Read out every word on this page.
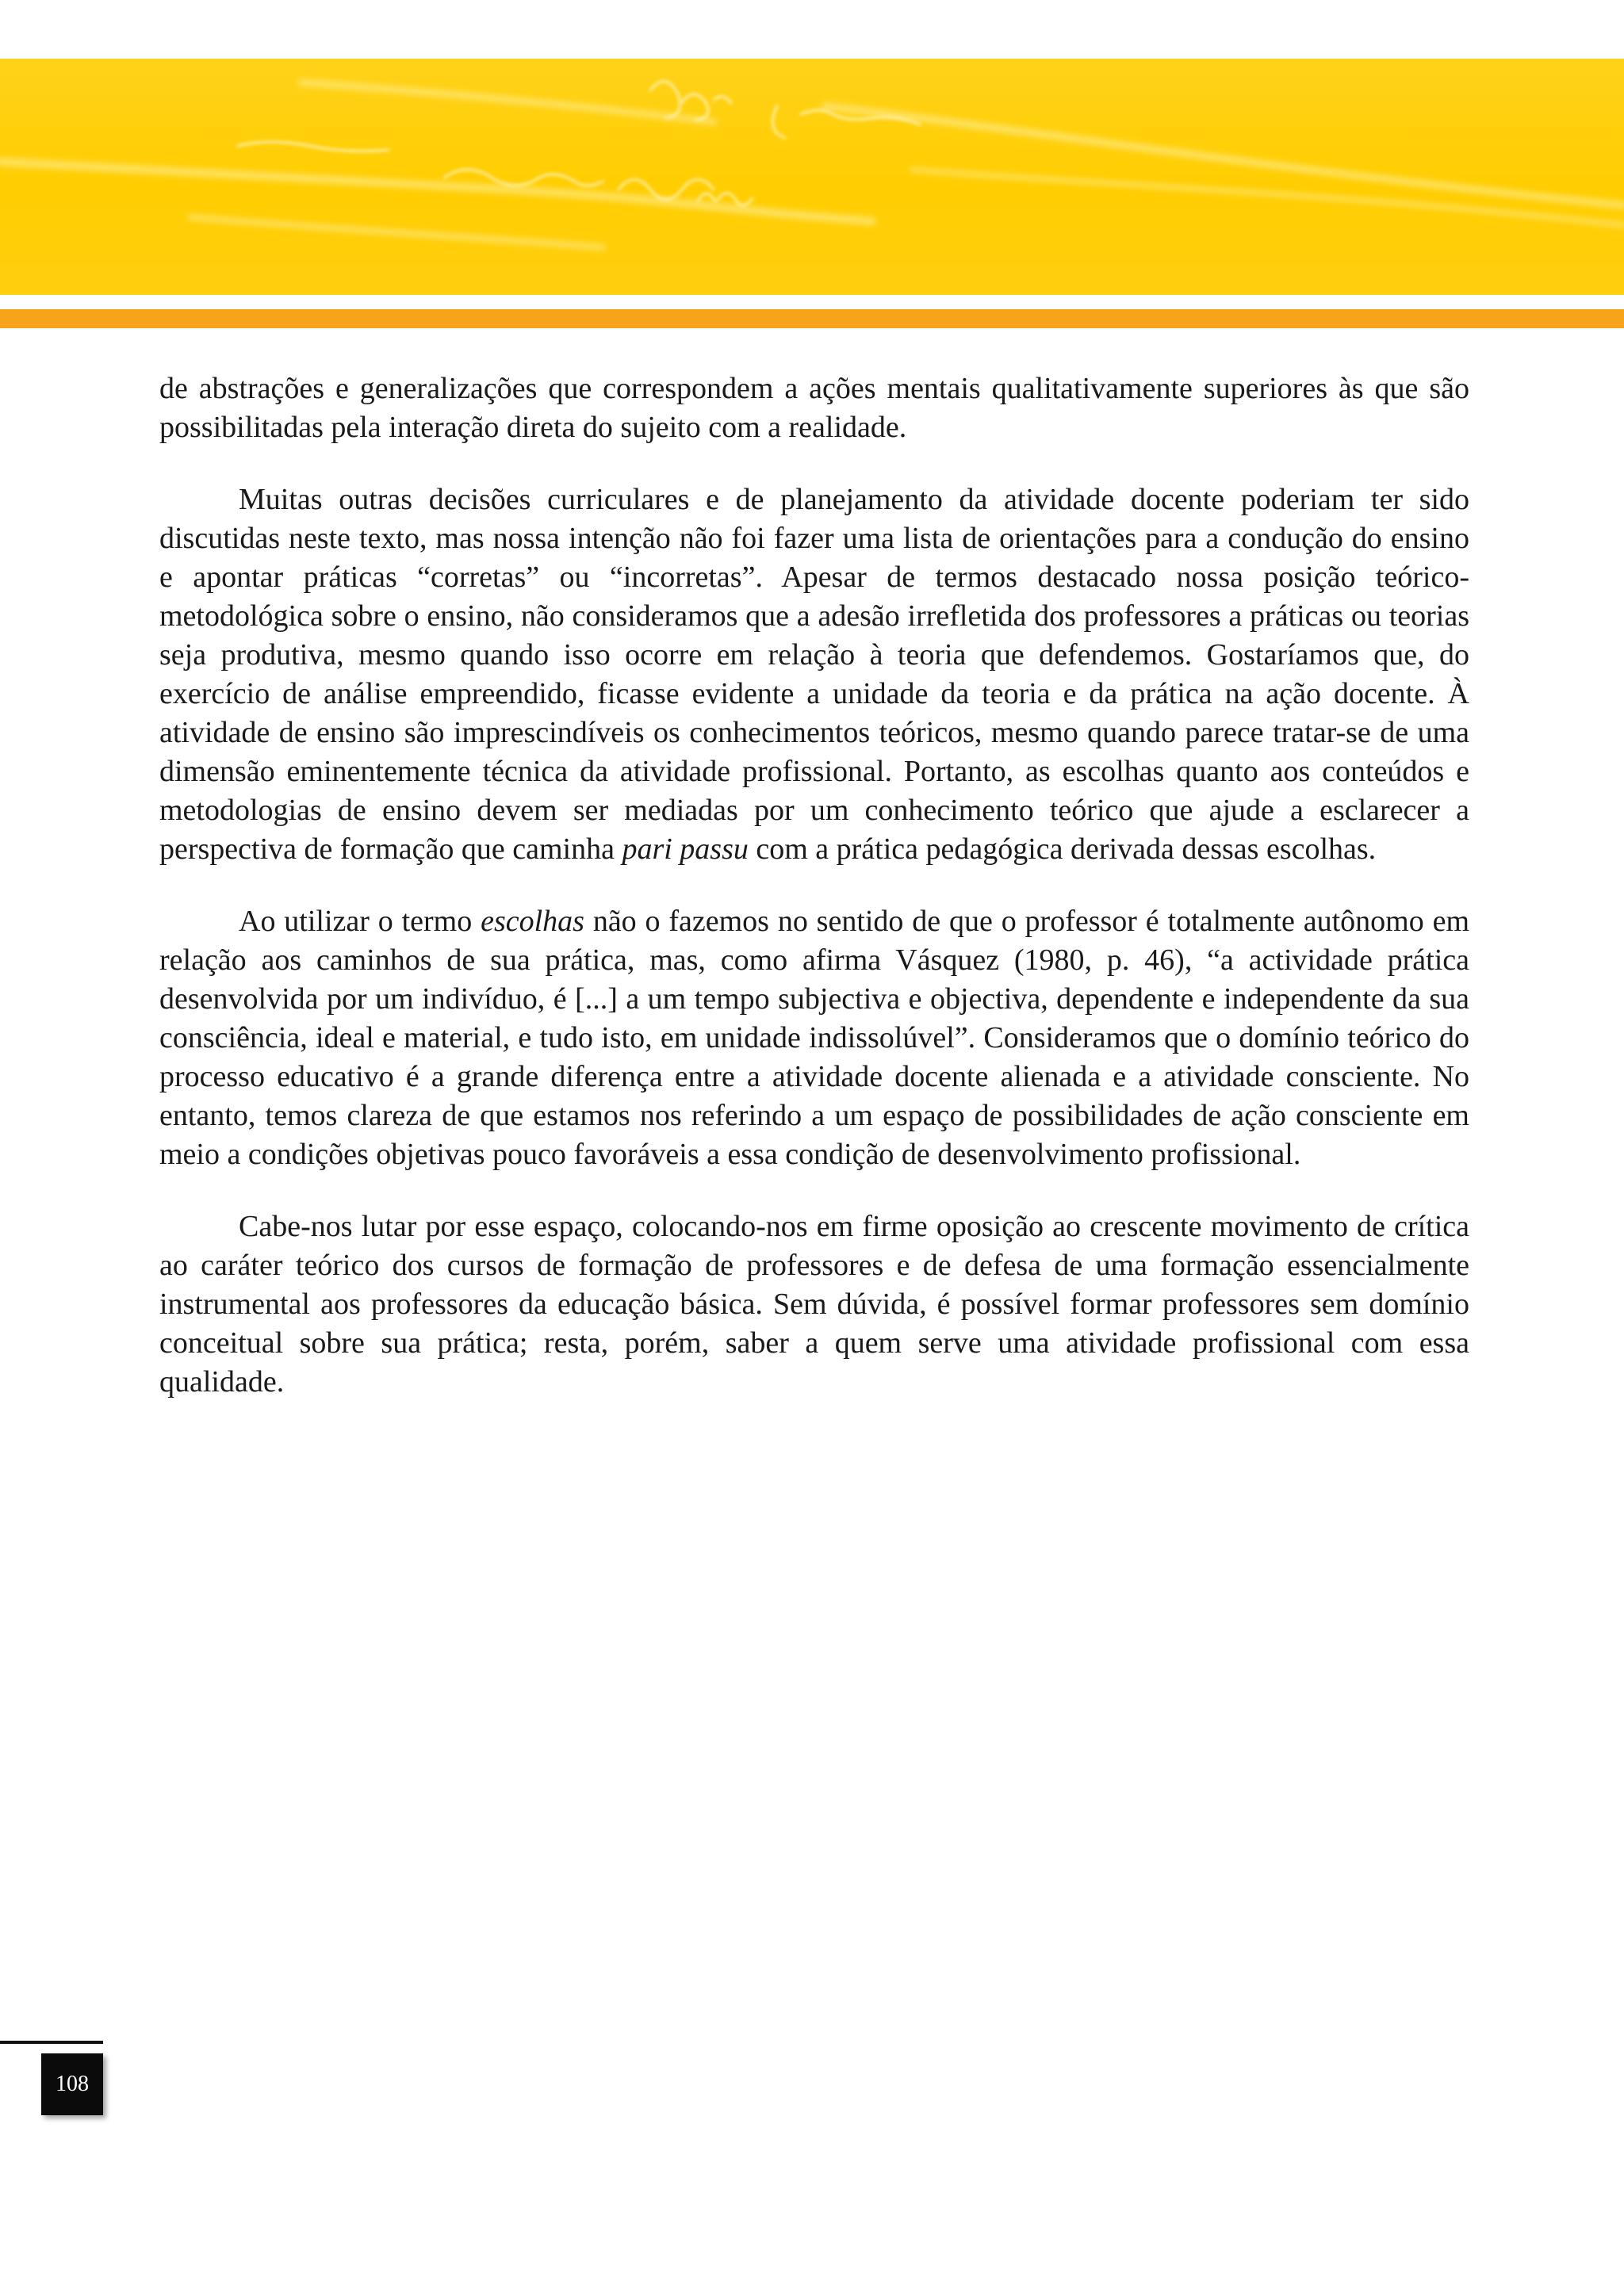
de abstrações e generalizações que correspondem a ações mentais qualitativamente superiores às que são possibilitadas pela interação direta do sujeito com a realidade.

Muitas outras decisões curriculares e de planejamento da atividade docente poderiam ter sido discutidas neste texto, mas nossa intenção não foi fazer uma lista de orientações para a condução do ensino e apontar práticas “corretas” ou “incorretas”. Apesar de termos destacado nossa posição teórico-metodológica sobre o ensino, não consideramos que a adesão irrefletida dos professores a práticas ou teorias seja produtiva, mesmo quando isso ocorre em relação à teoria que defendemos. Gostaríamos que, do exercício de análise empreendido, ficasse evidente a unidade da teoria e da prática na ação docente. À atividade de ensino são imprescindíveis os conhecimentos teóricos, mesmo quando parece tratar-se de uma dimensão eminentemente técnica da atividade profissional. Portanto, as escolhas quanto aos conteúdos e metodologias de ensino devem ser mediadas por um conhecimento teórico que ajude a esclarecer a perspectiva de formação que caminha pari passu com a prática pedagógica derivada dessas escolhas.

Ao utilizar o termo escolhas não o fazemos no sentido de que o professor é totalmente autônomo em relação aos caminhos de sua prática, mas, como afirma Vásquez (1980, p. 46), “a actividade prática desenvolvida por um indivíduo, é [...] a um tempo subjectiva e objectiva, dependente e independente da sua consciência, ideal e material, e tudo isto, em unidade indissolúvel”. Consideramos que o domínio teórico do processo educativo é a grande diferença entre a atividade docente alienada e a atividade consciente. No entanto, temos clareza de que estamos nos referindo a um espaço de possibilidades de ação consciente em meio a condições objetivas pouco favoráveis a essa condição de desenvolvimento profissional.

Cabe-nos lutar por esse espaço, colocando-nos em firme oposição ao crescente movimento de crítica ao caráter teórico dos cursos de formação de professores e de defesa de uma formação essencialmente instrumental aos professores da educação básica. Sem dúvida, é possível formar professores sem domínio conceitual sobre sua prática; resta, porém, saber a quem serve uma atividade profissional com essa qualidade.

108
